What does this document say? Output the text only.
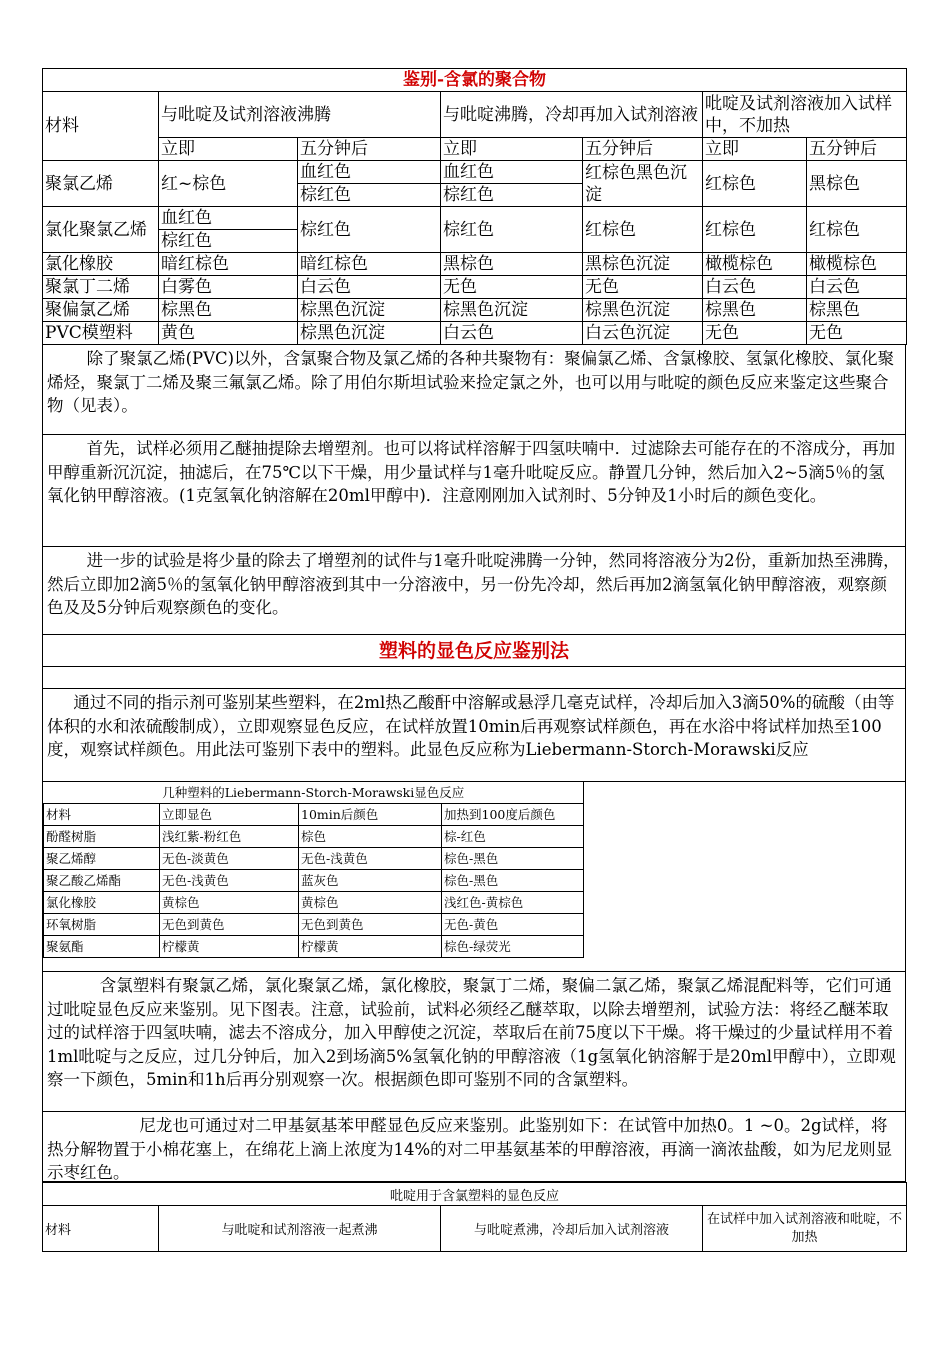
鉴别-含氯的聚合物						
材料	与吡啶及试剂溶液沸腾		与吡啶沸腾，冷却再加入试剂溶液		吡啶及试剂溶液加入试样中，不加热	
	立即	五分钟后	立即	五分钟后	立即	五分钟后
聚氯乙烯	红~棕色	血红色	血红色	红棕色黑色沉淀	红棕色	黑棕色
		棕红色	棕红色			
氯化聚氯乙烯	血红色	棕红色	棕红色	红棕色	红棕色	红棕色
	棕红色					
氯化橡胶	暗红棕色	暗红棕色	黑棕色	黑棕色沉淀	橄榄棕色	橄榄棕色
聚氯丁二烯	白雾色	白云色	无色	无色	白云色	白云色
聚偏氯乙烯	棕黑色	棕黑色沉淀	棕黑色沉淀	棕黑色沉淀	棕黑色	棕黑色
PVC模塑料	黄色	棕黑色沉淀	白云色	白云色沉淀	无色	无色
除了聚氯乙烯(PVC)以外，含氯聚合物及氯乙烯的各种共聚物有：聚偏氯乙烯、含氯橡胶、氢氯化橡胶、氯化聚烯烃，聚氯丁二烯及聚三氟氯乙烯。除了用伯尔斯坦试验来捡定氯之外，也可以用与吡啶的颜色反应来鉴定这些聚合物（见表）。
首先，试样必须用乙醚抽提除去增塑剂。也可以将试样溶解于四氢呋喃中．过滤除去可能存在的不溶成分，再加甲醇重新沉沉淀，抽滤后，在75℃以下干燥，用少量试样与1毫升吡啶反应。静置几分钟，然后加入2~5滴5％的氢氧化钠甲醇溶液。(1克氢氧化钠溶解在20ml甲醇中)．注意刚刚加入试剂时、5分钟及1小时后的颜色变化。
进一步的试验是将少量的除去了增塑剂的试件与1毫升吡啶沸腾一分钟，然同将溶液分为2份，重新加热至沸腾，然后立即加2滴5％的氢氧化钠甲醇溶液到其中一分溶液中，另一份先冷却，然后再加2滴氢氧化钠甲醇溶液，观察颜色及及5分钟后观察颜色的变化。
塑料的显色反应鉴别法
通过不同的指示剂可鉴别某些塑料，在2ml热乙酸酐中溶解或悬浮几毫克试样，冷却后加入3滴50%的硫酸（由等体积的水和浓硫酸制成），立即观察显色反应，在试样放置10min后再观察试样颜色，再在水浴中将试样加热至100度，观察试样颜色。用此法可鉴别下表中的塑料。此显色反应称为Liebermann-Storch-Morawski反应
几种塑料的Liebermann-Storch-Morawski显色反应			
材料	立即显色	10min后颜色	加热到100度后颜色
酚醛树脂	浅红紫-粉红色	棕色	棕-红色
聚乙烯醇	无色-淡黄色	无色-浅黄色	棕色-黑色
聚乙酸乙烯酯	无色-浅黄色	蓝灰色	棕色-黑色
氯化橡胶	黄棕色	黄棕色	浅红色-黄棕色
环氧树脂	无色到黄色	无色到黄色	无色-黄色
聚氨酯	柠檬黄	柠檬黄	棕色-绿荧光
含氯塑料有聚氯乙烯，氯化聚氯乙烯，氯化橡胶，聚氯丁二烯，聚偏二氯乙烯，聚氯乙烯混配料等，它们可通过吡啶显色反应来鉴别。见下图表。注意，试验前，试料必须经乙醚萃取，以除去增塑剂，试验方法：将经乙醚苯取过的试样溶于四氢呋喃，滤去不溶成分，加入甲醇使之沉淀，萃取后在前75度以下干燥。将干燥过的少量试样用不着1ml吡啶与之反应，过几分钟后，加入2到场滴5%氢氧化钠的甲醇溶液（1g氢氧化钠溶解于是20ml甲醇中），立即观察一下颜色，5min和1h后再分别观察一次。根据颜色即可鉴别不同的含氯塑料。
尼龙也可通过对二甲基氨基苯甲醛显色反应来鉴别。此鉴别如下：在试管中加热0。1 ~0。2g试样，将热分解物置于小棉花塞上，在绵花上滴上浓度为14%的对二甲基氨基苯的甲醇溶液，再滴一滴浓盐酸，如为尼龙则显示枣红色。
吡啶用于含氯塑料的显色反应
材料	与吡啶和试剂溶液一起煮沸	与吡啶煮沸，冷却后加入试剂溶液	在试样中加入试剂溶液和吡啶，不加热
